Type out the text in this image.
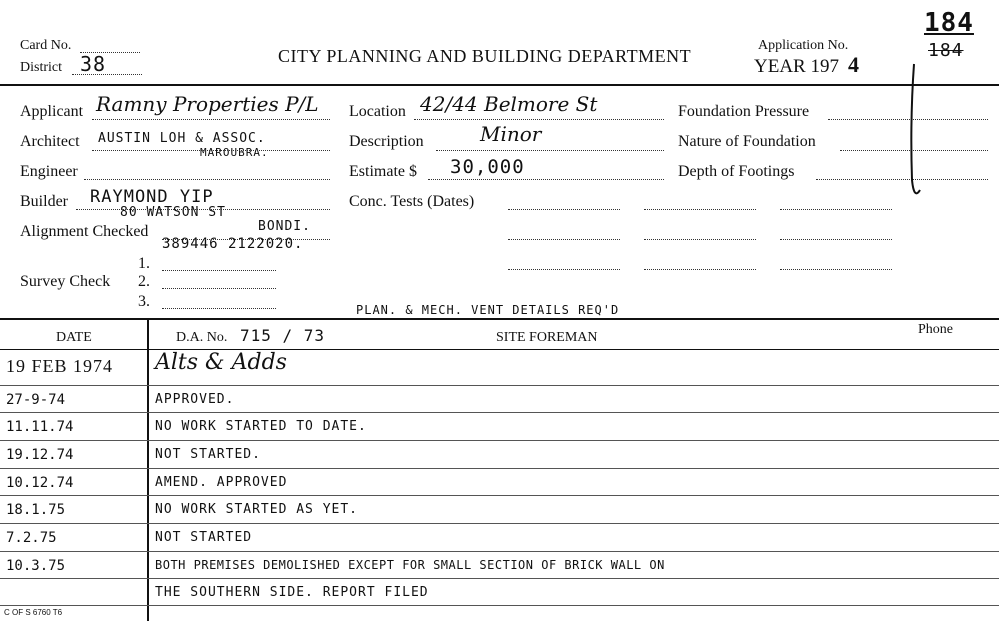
Card No.
District 38	CITY PLANNING AND BUILDING DEPARTMENT
Application No.
YEAR 197 4
184
184
Applicant Ramny Properties P/L
Architect AUSTIN LOH & ASSOC.
MAROUBRA.
Engineer
Builder RAYMOND YIP
80 WATSON ST
BONDI.
Alignment Checked
389446 2122020.
1.
Survey Check 2.
3.
Location 42/44 Belmore St
Description	Minor
Estimate $ 30,000
Conc. Tests (Dates)
Foundation Pressure
Nature of Foundation
Depth of Footings
PLAN. & MECH. VENT DETAILS REQ'D
DATE	D.A. No. 715 / 73	SITE FOREMAN
Phone
19 FEB 1974 Alts & Adds
27-9-74	APPROVED.
11.11.74	NO WORK STARTED TO DATE.
19.12.74	NOT STARTED.
10.12.74	AMEND. APPROVED
18.1.75	NO WORK STARTED AS YET.
7.2.75	NOT STARTED
10.3.75	BOTH PREMISES DEMOLISHED EXCEPT FOR SMALL SECTION OF BRICK WALL ON
THE SOUTHERN SIDE. REPORT FILED
C OF S 6760 T6
